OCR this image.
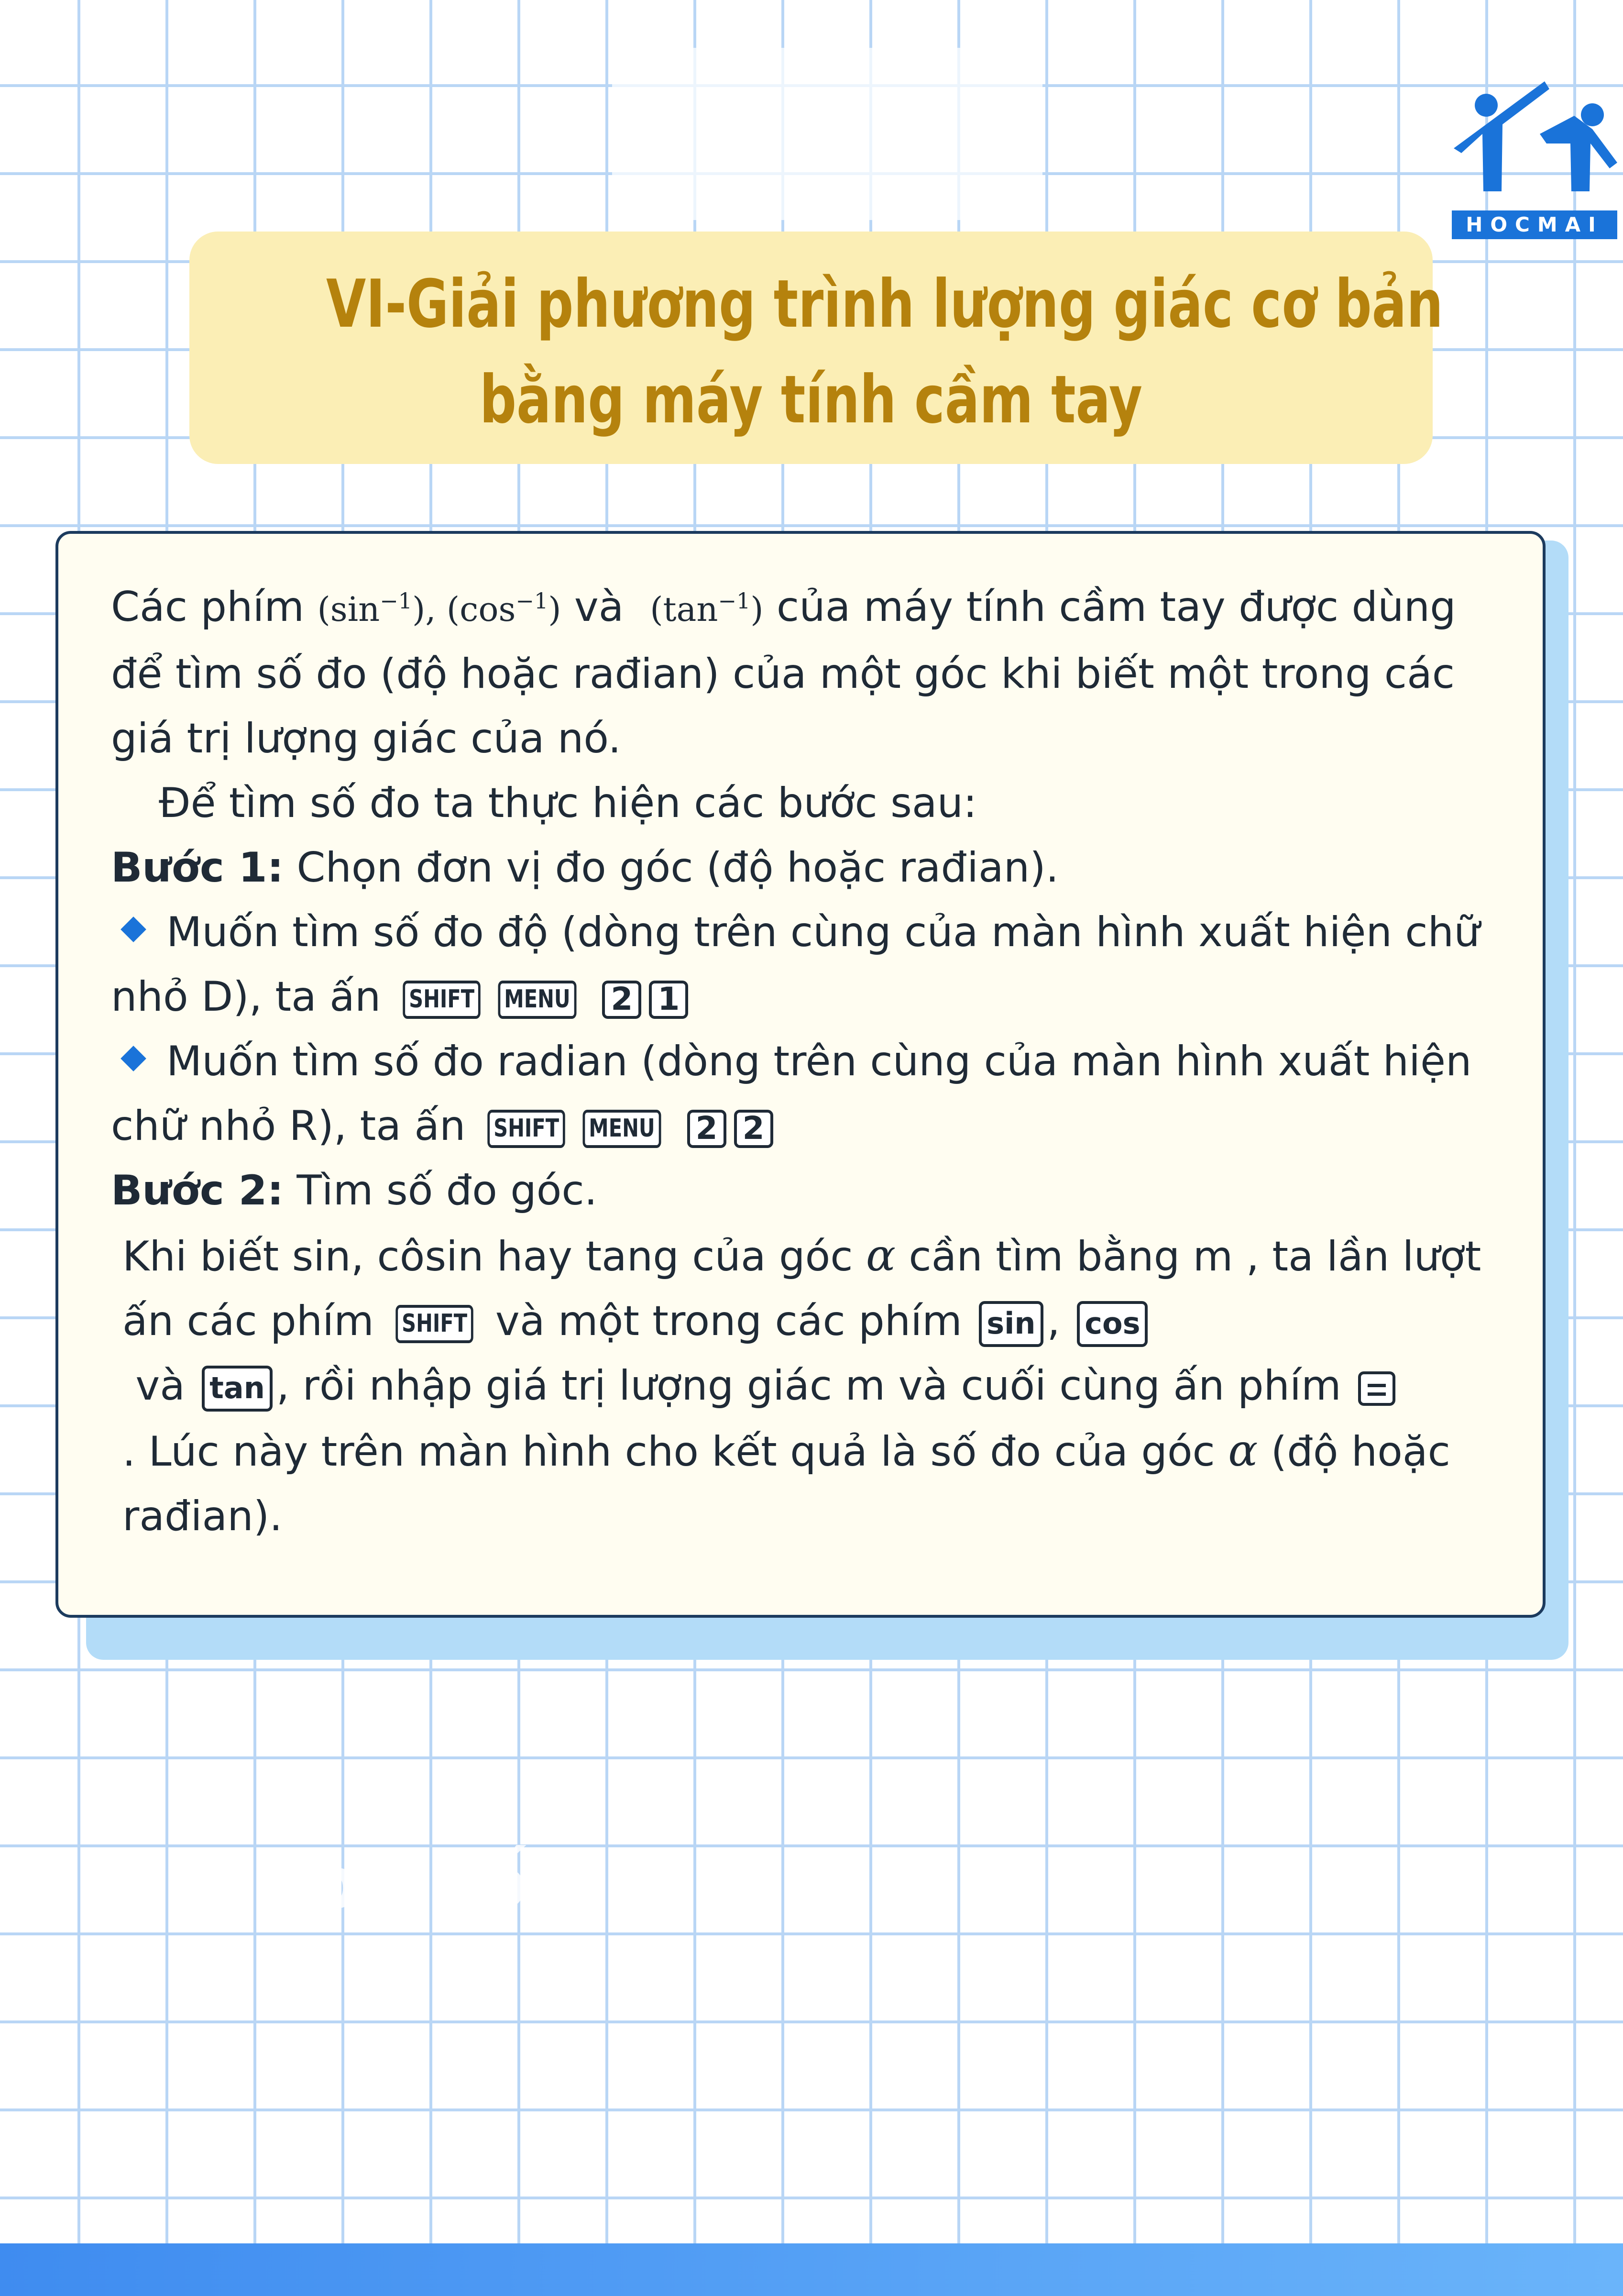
HOCMAI
VI-Giải phương trình lượng giác cơ bản
bằng máy tính cầm tay

Các phím $(\sin^{-1})$, $(\cos^{-1})$ và $(\tan^{-1})$ của máy tính cầm tay được dùng để tìm số đo (độ hoặc rađian) của một góc khi biết một trong các giá trị lượng giác của nó.

Để tìm số đo ta thực hiện các bước sau:

Bước 1: Chọn đơn vị đo góc (độ hoặc rađian).

Muốn tìm số đo độ (dòng trên cùng của màn hình xuất hiện chữ nhỏ D), ta ấn SHIFT MENU 2 1

Muốn tìm số đo radian (dòng trên cùng của màn hình xuất hiện chữ nhỏ R), ta ấn SHIFT MENU 2 2

Bước 2: Tìm số đo góc.

Khi biết sin, côsin hay tang của góc α cần tìm bằng m , ta lần lượt ấn các phím SHIFT và một trong các phím sin , cos
và tan , rồi nhập giá trị lượng giác m và cuối cùng ấn phím
. Lúc này trên màn hình cho kết quả là số đo của góc α (độ hoặc rađian).

đơn số
